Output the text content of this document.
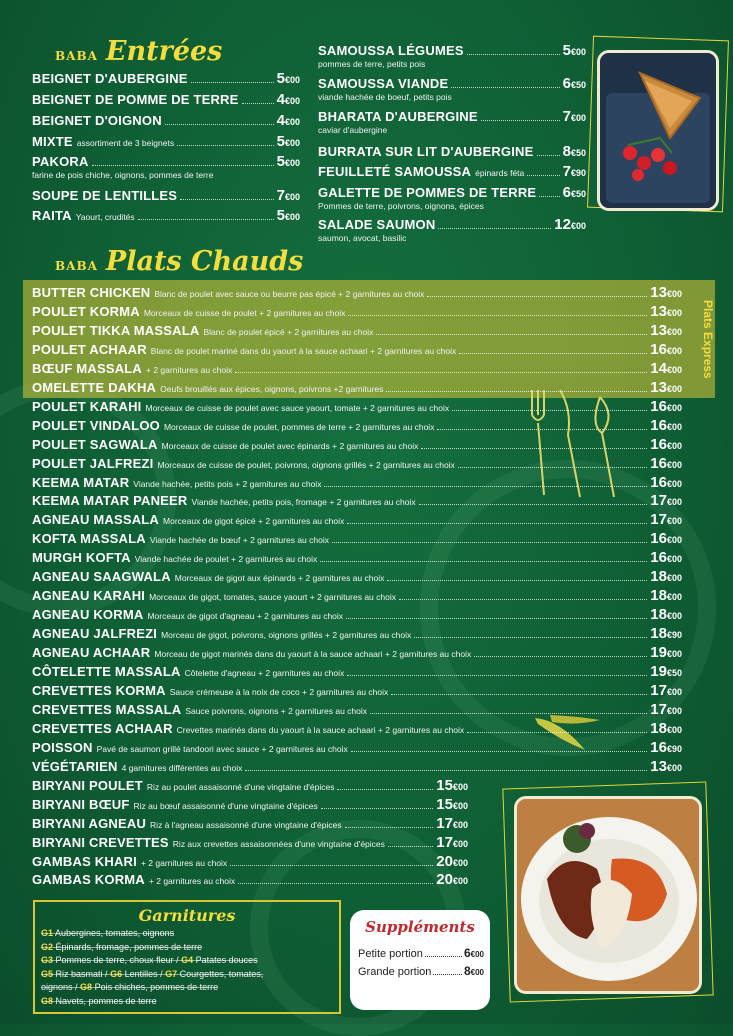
BABA Entrées
BEIGNET D'AUBERGINE	5€00
BEIGNET DE POMME DE TERRE	4€00
BEIGNET D'OIGNON	4€00
MIXTE assortiment de 3 beignets	5€00
PAKORA	5€00
farine de pois chiche, oignons, pommes de terre
SOUPE DE LENTILLES	7€00
RAITA Yaourt, crudités	5€00
SAMOUSSA LÉGUMES	5€00
pommes de terre, petits pois
SAMOUSSA VIANDE	6€50
viande hachée de boeuf, petits pois
BHARATA D'AUBERGINE	7€00
caviar d'aubergine
BURRATA SUR LIT D'AUBERGINE 8€50
FEUILLETÉ SAMOUSSA épinards féta	7€90
GALETTE DE POMMES DE TERRE 6€50
Pommes de terre, poivrons, oignons, épices
SALADE SAUMON	12€00
saumon, avocat, basilic
BABA Plats Chauds
Plats Express
BUTTER CHICKEN Blanc de poulet avec sauce ou beurre pas épicé + 2 garnitures au choix	13€00
POULET KORMA Morceaux de cuisse de poulet + 2 garnitures au choix	13€00
POULET TIKKA MASSALA Blanc de poulet épicé + 2 garnitures au choix	13€00
POULET ACHAAR Blanc de poulet mariné dans du yaourt à la sauce achaari + 2 garnitures au choix	16€00
BŒUF MASSALA + 2 garnitures au choix	14€00
OMELETTE DAKHA Oeufs brouillés aux épices, oignons, poivrons +2 garnitures	13€00
POULET KARAHI Morceaux de cuisse de poulet avec sauce yaourt, tomate + 2 garnitures au choix	16€00
POULET VINDALOO Morceaux de cuisse de poulet, pommes de terre + 2 garnitures au choix	16€00
POULET SAGWALA Morceaux de cuisse de poulet avec épinards + 2 garnitures au choix	16€00
POULET JALFREZI Morceaux de cuisse de poulet, poivrons, oignons grillés + 2 garnitures au choix	16€00
KEEMA MATAR Viande hachée, petits pois + 2 garnitures au choix	16€00
KEEMA MATAR PANEER Viande hachée, petits pois, fromage + 2 garnitures au choix	17€00
AGNEAU MASSALA Morceaux de gigot épicé + 2 garnitures au choix	17€00
KOFTA MASSALA Viande hachée de bœuf + 2 garnitures au choix	16€00
MURGH KOFTA Viande hachée de poulet + 2 garnitures au choix	16€00
AGNEAU SAAGWALA Morceaux de gigot aux épinards + 2 garnitures au choix	18€00
AGNEAU KARAHI Morceaux de gigot, tomates, sauce yaourt + 2 garnitures au choix	18€00
AGNEAU KORMA Morceaux de gigot d'agneau + 2 garnitures au choix	18€00
AGNEAU JALFREZI Morceau de gigot, poivrons, oignons grillés + 2 garnitures au choix	18€90
AGNEAU ACHAAR Morceau de gigot marinés dans du yaourt à la sauce achaari + 2 garnitures au choix	19€00
CÔTELETTE MASSALA Côtelette d'agneau + 2 garnitures au choix	19€50
CREVETTES KORMA Sauce crémeuse à la noix de coco + 2 garnitures au choix	17€00
CREVETTES MASSALA Sauce poivrons, oignons + 2 garnitures au choix	17€00
CREVETTES ACHAAR Crevettes marinés dans du yaourt à la sauce achaari + 2 garnitures au choix	18€00
POISSON Pavé de saumon grillé tandoori avec sauce + 2 garnitures au choix	16€90
VÉGÉTARIEN 4 garnitures différentes au choix	13€00
BIRYANI POULET Riz au poulet assaisonné d'une vingtaine d'épices	15€00
BIRYANI BŒUF Riz au bœuf assaisonné d'une vingtaine d'épices	15€00
BIRYANI AGNEAU Riz à l'agneau assaisonné d'une vingtaine d'épices	17€00
BIRYANI CREVETTES Riz aux crevettes assaisonnées d'une vingtaine d'épices	17€00
GAMBAS KHARI + 2 garnitures au choix	20€00
GAMBAS KORMA + 2 garnitures au choix	20€00
Garnitures
G1 Aubergines, tomates, oignons
G2 Épinards, fromage, pommes de terre
G3 Pommes de terre, choux fleur / G4 Patates douces
G5 Riz basmati / G6 Lentilles / G7 Courgettes, tomates,
oignons / G8 Pois chiches, pommes de terre
G8 Navets, pommes de terre
Suppléments
Petite portion	6€00
Grande portion	8€00
